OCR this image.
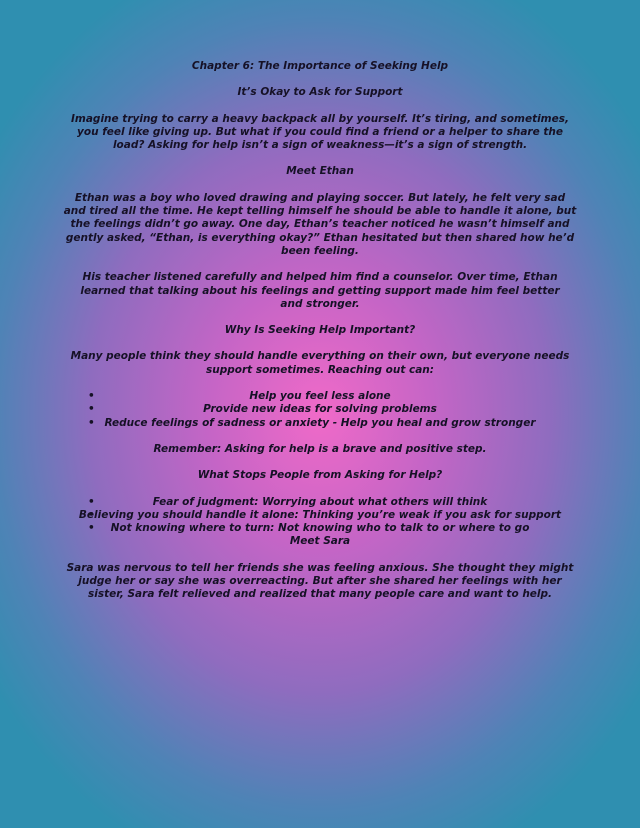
Chapter 6: The Importance of Seeking Help
It’s Okay to Ask for Support
Imagine trying to carry a heavy backpack all by yourself. It’s tiring, and sometimes,
you feel like giving up. But what if you could find a friend or a helper to share the
load? Asking for help isn’t a sign of weakness—it’s a sign of strength.
Meet Ethan
Ethan was a boy who loved drawing and playing soccer. But lately, he felt very sad
and tired all the time. He kept telling himself he should be able to handle it alone, but
the feelings didn’t go away. One day, Ethan’s teacher noticed he wasn’t himself and
gently asked, “Ethan, is everything okay?” Ethan hesitated but then shared how he’d
been feeling.
His teacher listened carefully and helped him find a counselor. Over time, Ethan
learned that talking about his feelings and getting support made him feel better
and stronger.
Why Is Seeking Help Important?
Many people think they should handle everything on their own, but everyone needs
support sometimes. Reaching out can:
• Help you feel less alone
• Provide new ideas for solving problems
• Reduce feelings of sadness or anxiety - Help you heal and grow stronger
Remember: Asking for help is a brave and positive step.
What Stops People from Asking for Help?
• Fear of judgment: Worrying about what others will think
• Believing you should handle it alone: Thinking you’re weak if you ask for support
• Not knowing where to turn: Not knowing who to talk to or where to go
Meet Sara
Sara was nervous to tell her friends she was feeling anxious. She thought they might
judge her or say she was overreacting. But after she shared her feelings with her
sister, Sara felt relieved and realized that many people care and want to help.
